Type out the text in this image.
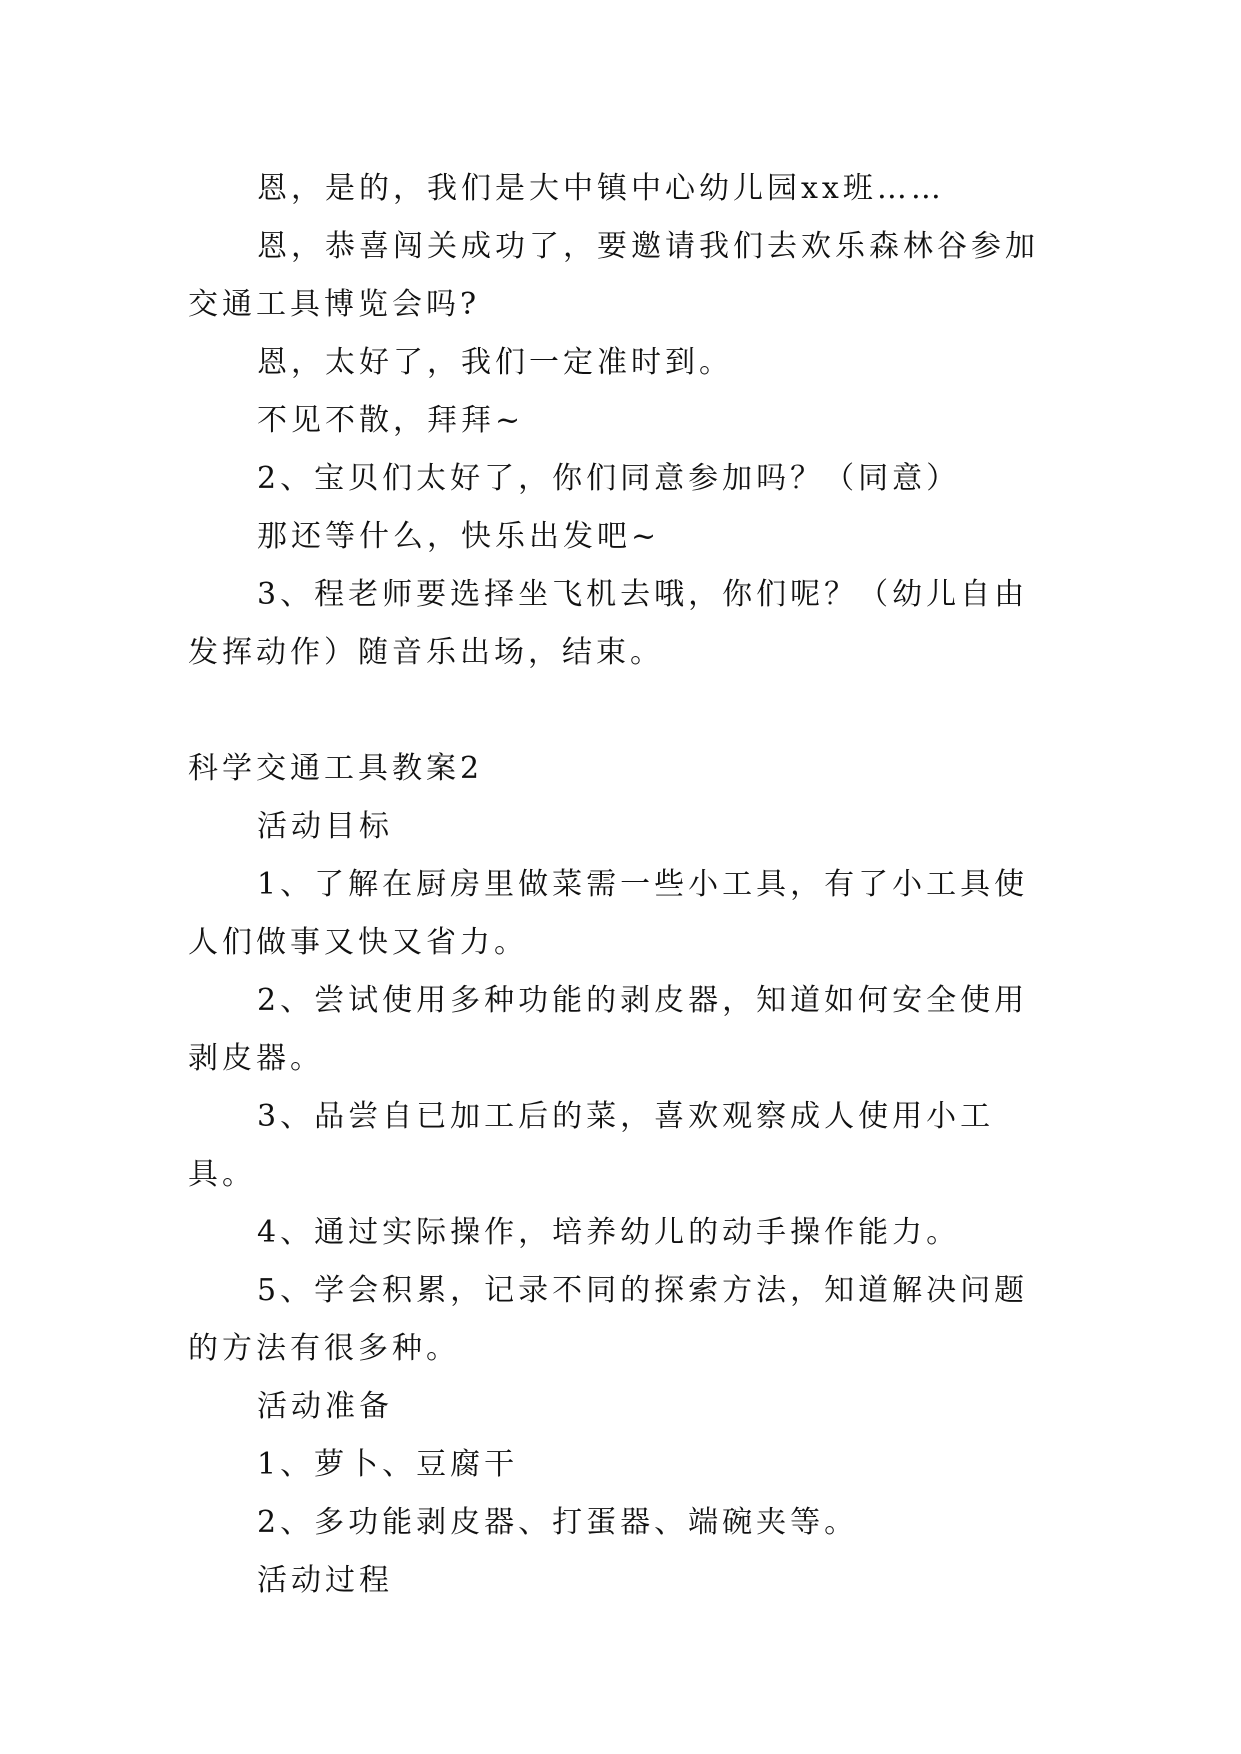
恩，是的，我们是大中镇中心幼儿园xx班……

恩，恭喜闯关成功了，要邀请我们去欢乐森林谷参加交通工具博览会吗?

恩，太好了，我们一定准时到。

不见不散，拜拜~

2、宝贝们太好了，你们同意参加吗？（同意）

那还等什么，快乐出发吧~

3、程老师要选择坐飞机去哦，你们呢？（幼儿自由发挥动作）随音乐出场，结束。

科学交通工具教案2

活动目标

1、了解在厨房里做菜需一些小工具，有了小工具使人们做事又快又省力。

2、尝试使用多种功能的剥皮器，知道如何安全使用剥皮器。

3、品尝自已加工后的菜，喜欢观察成人使用小工具。

4、通过实际操作，培养幼儿的动手操作能力。

5、学会积累，记录不同的探索方法，知道解决问题的方法有很多种。

活动准备

1、萝卜、豆腐干

2、多功能剥皮器、打蛋器、端碗夹等。

活动过程
